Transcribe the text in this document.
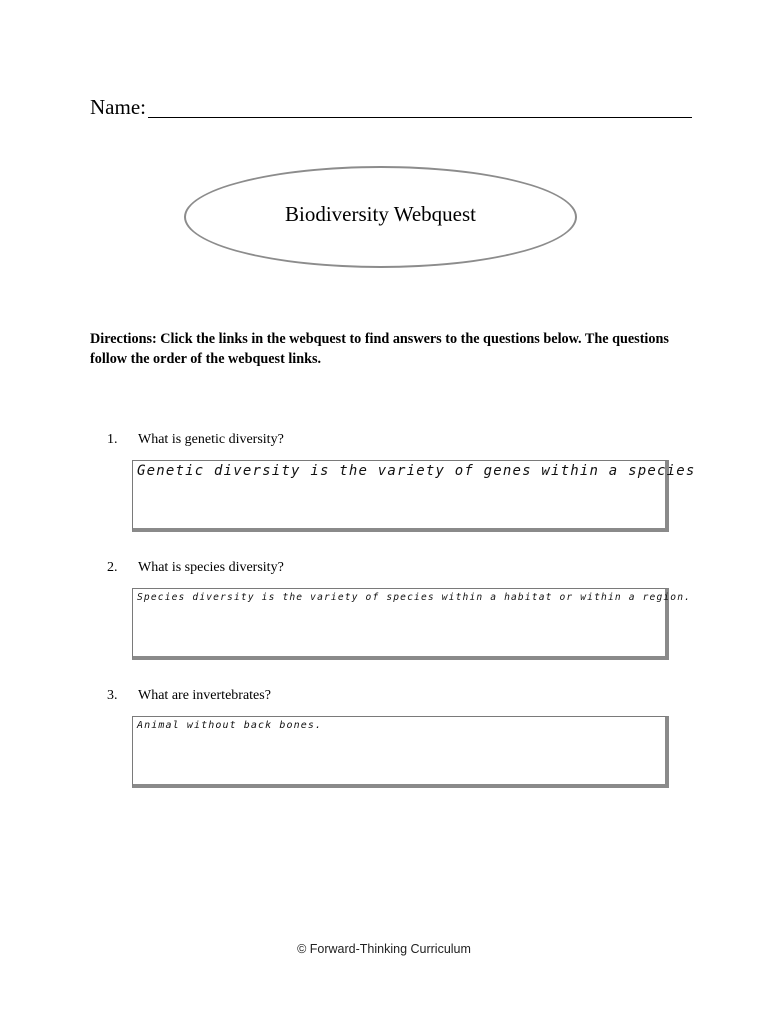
Name:
Biodiversity Webquest
Directions: Click the links in the webquest to find answers to the questions below. The questions follow the order of the webquest links.
1.	What is genetic diversity?
Genetic diversity is the variety of genes within a species
2.	What is species diversity?
Species diversity is the variety of species within a habitat or within a region.
3.	What are invertebrates?
Animal without back bones.
© Forward-Thinking Curriculum
